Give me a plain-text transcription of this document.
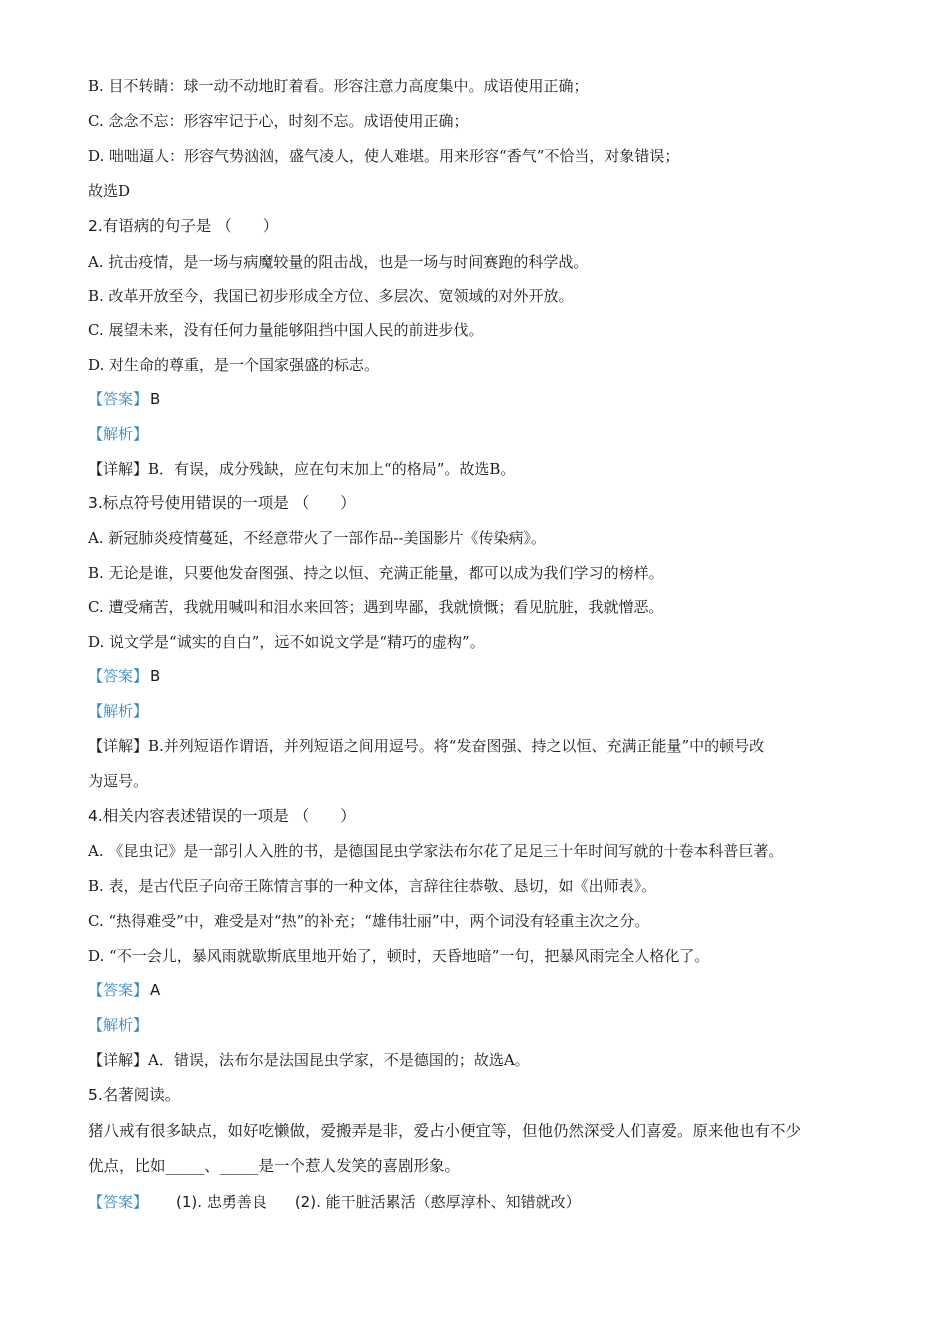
B. 目不转睛：球一动不动地盯着看。形容注意力高度集中。成语使用正确；
C. 念念不忘：形容牢记于心，时刻不忘。成语使用正确；
D. 咄咄逼人：形容气势汹汹，盛气凌人，使人难堪。用来形容“香气”不恰当，对象错误；
故选D
2.有语病的句子是 （　　）
A. 抗击疫情，是一场与病魔较量的阻击战，也是一场与时间赛跑的科学战。
B. 改革开放至今，我国已初步形成全方位、多层次、宽领域的对外开放。
C. 展望未来，没有任何力量能够阻挡中国人民的前进步伐。
D. 对生命的尊重，是一个国家强盛的标志。
【答案】 B
【解析】
【详解】B．有误，成分残缺，应在句末加上“的格局”。故选B。
3.标点符号使用错误的一项是 （　　）
A. 新冠肺炎疫情蔓延，不经意带火了一部作品--美国影片《传染病》。
B. 无论是谁，只要他发奋图强、持之以恒、充满正能量，都可以成为我们学习的榜样。
C. 遭受痛苦，我就用喊叫和泪水来回答；遇到卑鄙，我就愤慨；看见肮脏，我就憎恶。
D. 说文学是“诚实的自白”，远不如说文学是“精巧的虚构”。
【答案】 B
【解析】
【详解】B.并列短语作谓语，并列短语之间用逗号。将“发奋图强、持之以恒、充满正能量”中的顿号改
为逗号。
4.相关内容表述错误的一项是 （　　）
A. 《昆虫记》是一部引人入胜的书，是德国昆虫学家法布尔花了足足三十年时间写就的十卷本科普巨著。
B. 表，是古代臣子向帝王陈情言事的一种文体，言辞往往恭敬、恳切，如《出师表》。
C. “热得难受”中，难受是对“热”的补充；“雄伟壮丽”中，两个词没有轻重主次之分。
D. “不一会儿，暴风雨就歇斯底里地开始了，顿时，天昏地暗”一句，把暴风雨完全人格化了。
【答案】 A
【解析】
【详解】A．错误，法布尔是法国昆虫学家，不是德国的；故选A。
5.名著阅读。
猪八戒有很多缺点，如好吃懒做，爱搬弄是非，爱占小便宜等，但他仍然深受人们喜爱。原来他也有不少
优点，比如_____、_____是一个惹人发笑的喜剧形象。
【答案】 (1). 忠勇善良 (2). 能干脏活累活（憨厚淳朴、知错就改）
